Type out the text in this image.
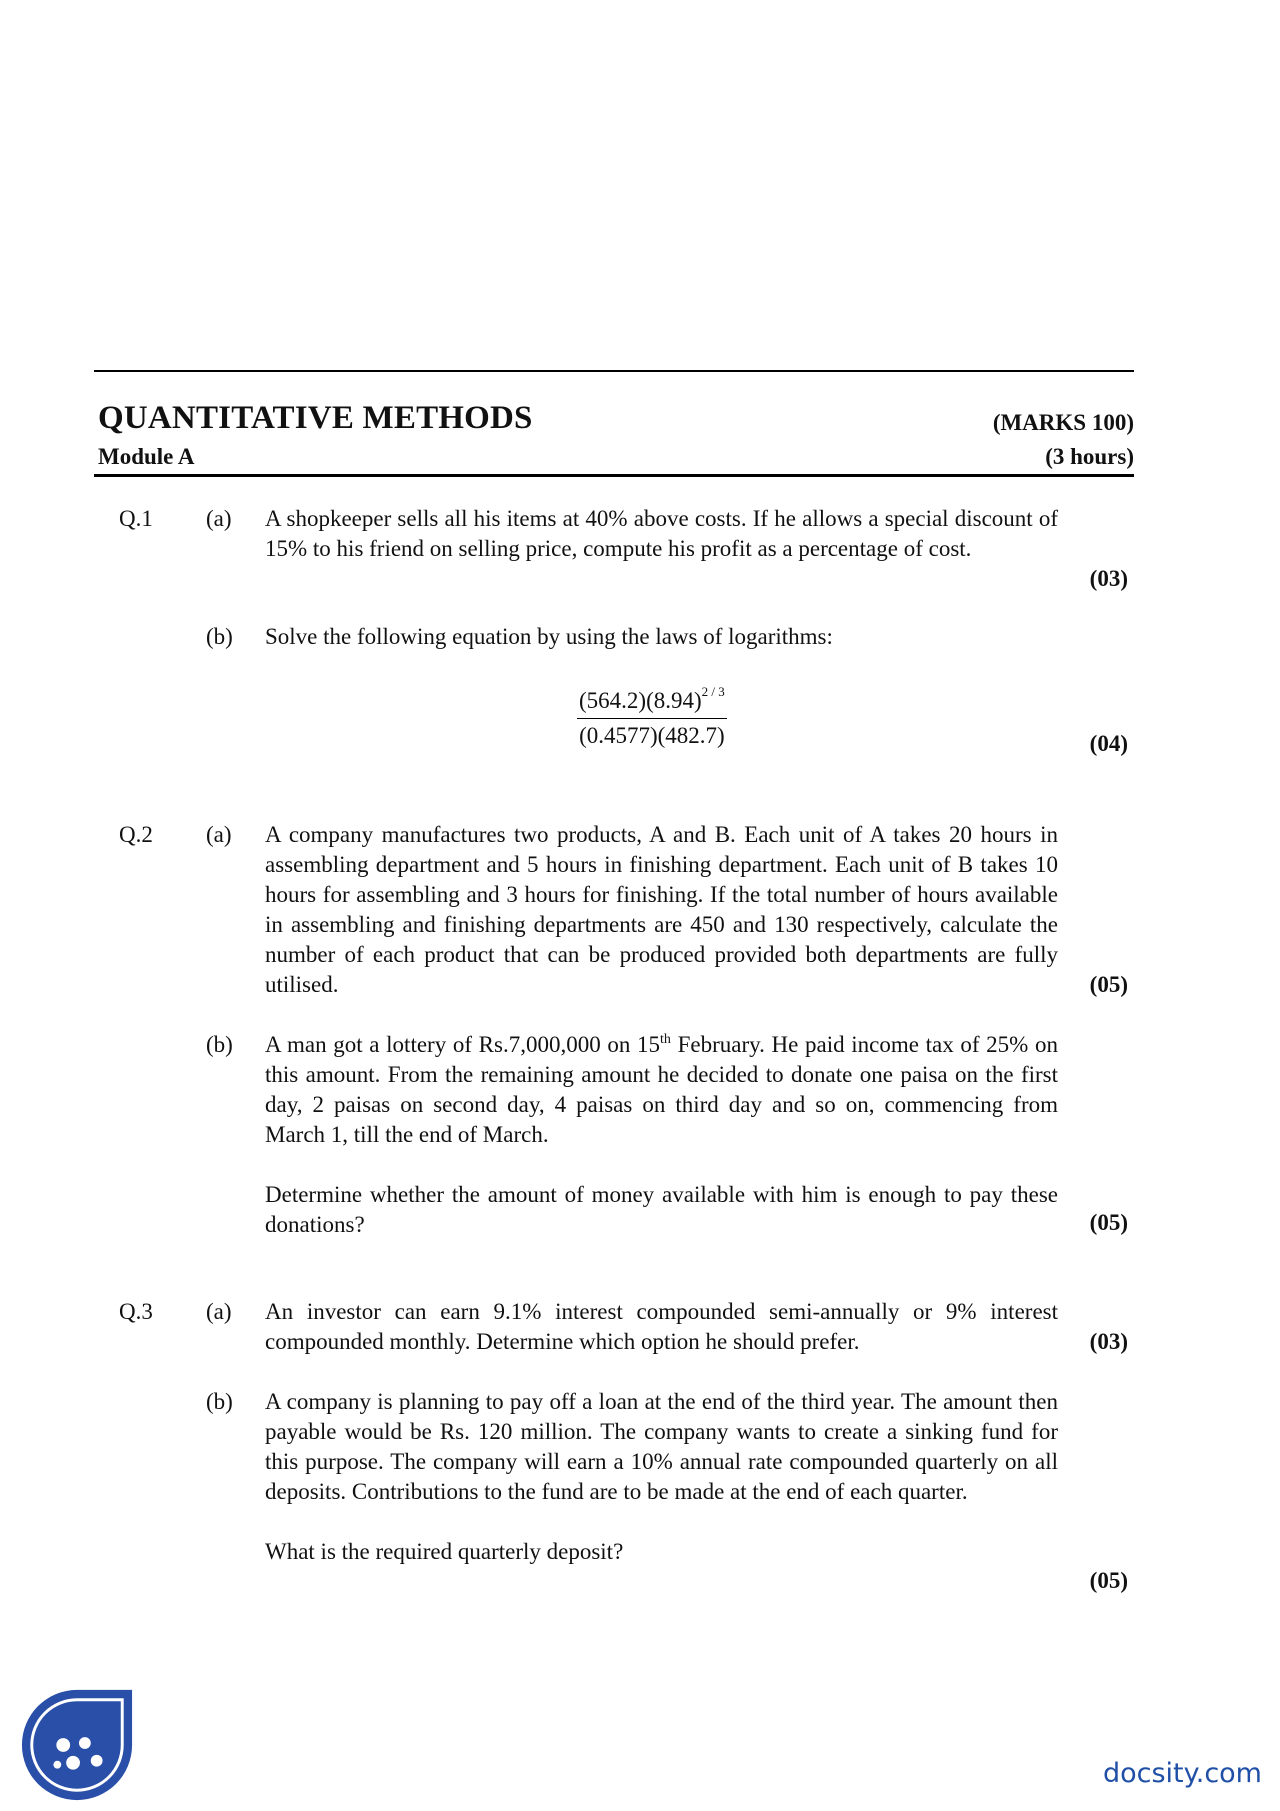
QUANTITATIVE METHODS	(MARKS 100)
Module A	(3 hours)
Q.1 (a) A shopkeeper sells all his items at 40% above costs. If he allows a special discount of 15% to his friend on selling price, compute his profit as a percentage of cost.

(03)
(b) Solve the following equation by using the laws of logarithms:

$\frac{(564.2)(8.94)^{2 / 3}}{(0.4577)(482.7)}$	(04)
Q.2 (a) A company manufactures two products, A and B. Each unit of A takes 20 hours in assembling department and 5 hours in finishing department. Each unit of B takes 10 hours for assembling and 3 hours for finishing. If the total number of hours available in assembling and finishing departments are 450 and 130 respectively, calculate the number of each product that can be produced provided both departments are fully utilised.	(05)
(b) A man got a lottery of Rs.7,000,000 on 15th February. He paid income tax of 25% on this amount. From the remaining amount he decided to donate one paisa on the first day, 2 paisas on second day, 4 paisas on third day and so on, commencing from March 1, till the end of March.

Determine whether the amount of money available with him is enough to pay these donations?	(05)
Q.3 (a) An investor can earn 9.1% interest compounded semi-annually or 9% interest compounded monthly. Determine which option he should prefer.	(03)
(b) A company is planning to pay off a loan at the end of the third year. The amount then payable would be Rs. 120 million. The company wants to create a sinking fund for this purpose. The company will earn a 10% annual rate compounded quarterly on all deposits. Contributions to the fund are to be made at the end of each quarter.

What is the required quarterly deposit?

(05)
docsity.com
